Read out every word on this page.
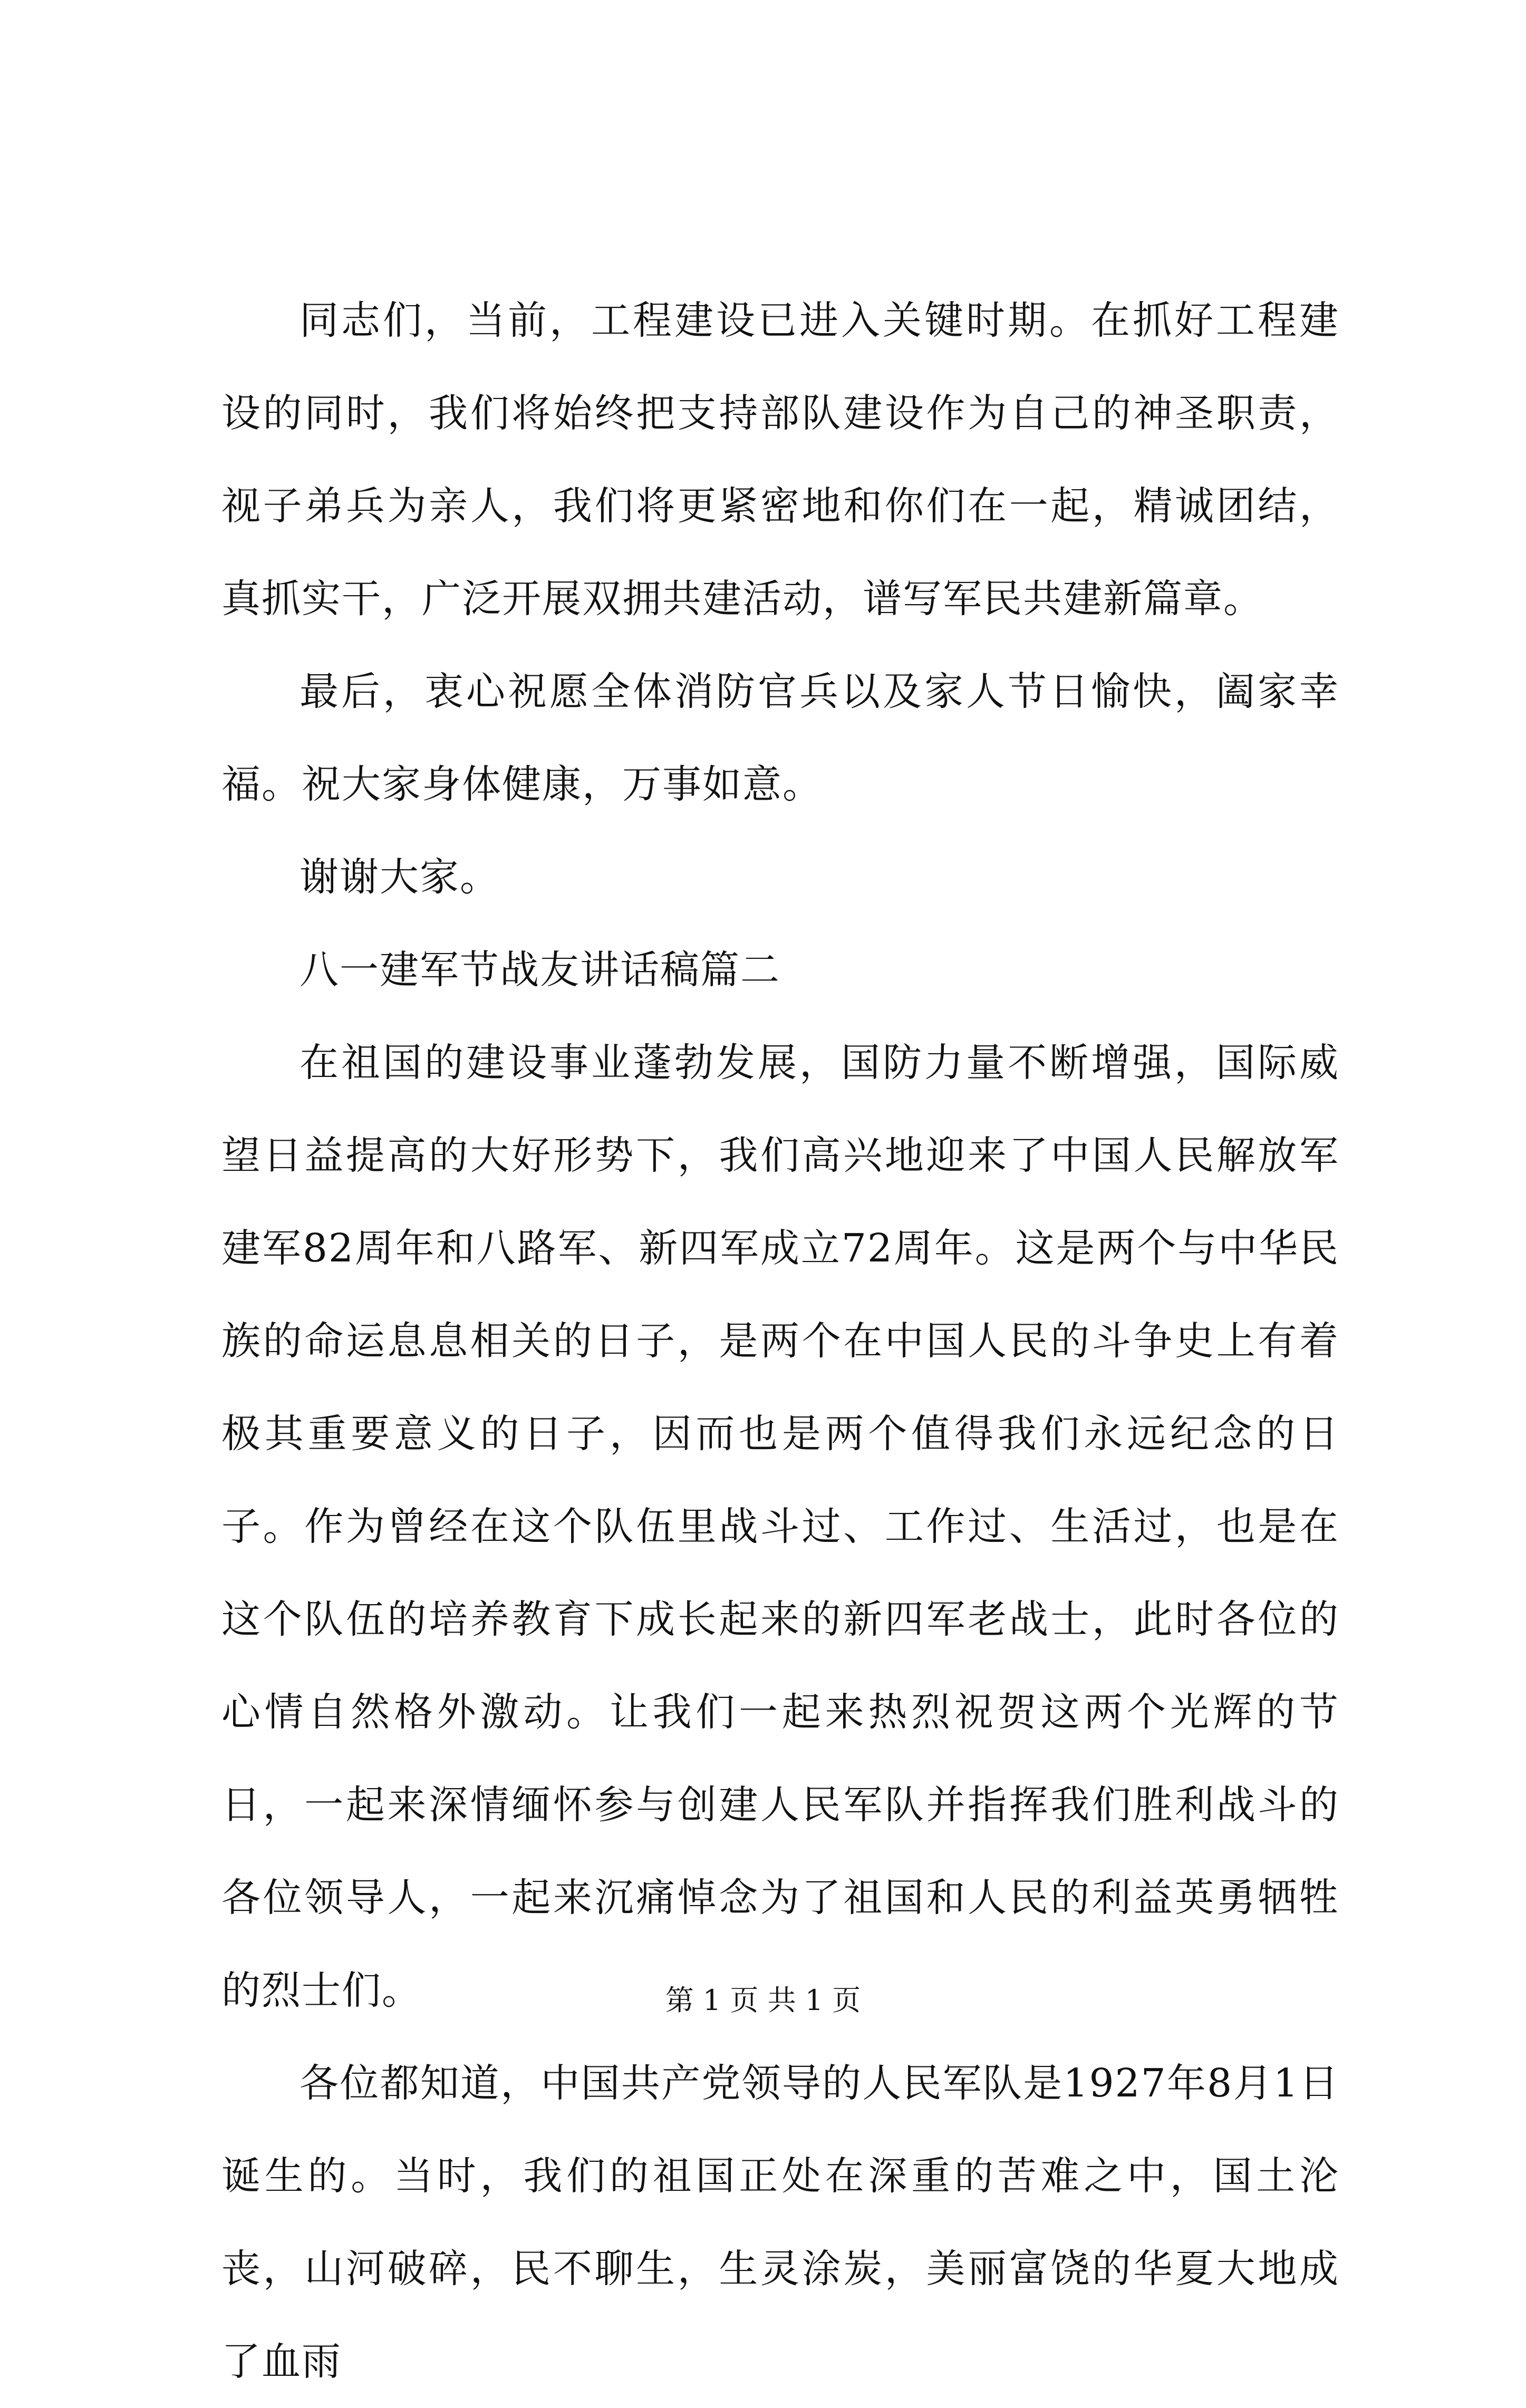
同志们，当前，工程建设已进入关键时期。在抓好工程建设的同时，我们将始终把支持部队建设作为自己的神圣职责，视子弟兵为亲人，我们将更紧密地和你们在一起，精诚团结，真抓实干，广泛开展双拥共建活动，谱写军民共建新篇章。

最后，衷心祝愿全体消防官兵以及家人节日愉快，阖家幸福。祝大家身体健康，万事如意。

谢谢大家。

八一建军节战友讲话稿篇二

在祖国的建设事业蓬勃发展，国防力量不断增强，国际威望日益提高的大好形势下，我们高兴地迎来了中国人民解放军建军82周年和八路军、新四军成立72周年。这是两个与中华民族的命运息息相关的日子，是两个在中国人民的斗争史上有着极其重要意义的日子，因而也是两个值得我们永远纪念的日子。作为曾经在这个队伍里战斗过、工作过、生活过，也是在这个队伍的培养教育下成长起来的新四军老战士，此时各位的心情自然格外激动。让我们一起来热烈祝贺这两个光辉的节日，一起来深情缅怀参与创建人民军队并指挥我们胜利战斗的各位领导人，一起来沉痛悼念为了祖国和人民的利益英勇牺牲的烈士们。

各位都知道，中国共产党领导的人民军队是1927年8月1日诞生的。当时，我们的祖国正处在深重的苦难之中，国土沦丧，山河破碎，民不聊生，生灵涂炭，美丽富饶的华夏大地成了血雨

第 1 页 共 1 页
